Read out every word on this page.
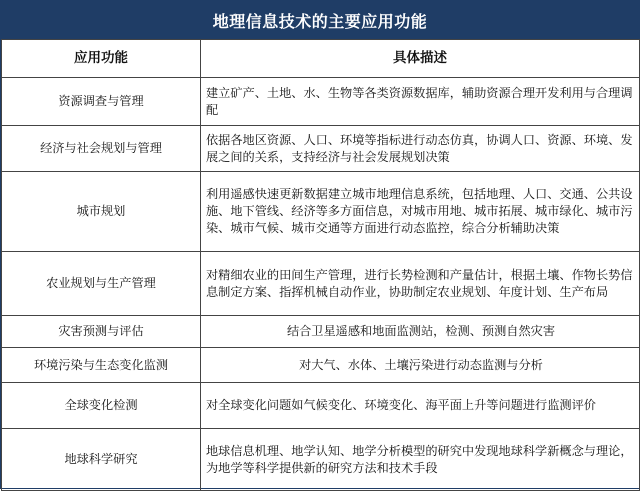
地理信息技术的主要应用功能
应用功能	具体描述
资源调查与管理	建立矿产、土地、水、生物等各类资源数据库，辅助资源合理开发利用与合理调配
经济与社会规划与管理	依据各地区资源、人口、环境等指标进行动态仿真，协调人口、资源、环境、发展之间的关系，支持经济与社会发展规划决策
城市规划	利用遥感快速更新数据建立城市地理信息系统，包括地理、人口、交通、公共设施、地下管线、经济等多方面信息，对城市用地、城市拓展、城市绿化、城市污染、城市气候、城市交通等方面进行动态监控，综合分析辅助决策
农业规划与生产管理	对精细农业的田间生产管理，进行长势检测和产量估计，根据土壤、作物长势信息制定方案、指挥机械自动作业，协助制定农业规划、年度计划、生产布局
灾害预测与评估	结合卫星遥感和地面监测站，检测、预测自然灾害
环境污染与生态变化监测	对大气、水体、土壤污染进行动态监测与分析
全球变化检测	对全球变化问题如气候变化、环境变化、海平面上升等问题进行监测评价
地球科学研究	地球信息机理、地学认知、地学分析模型的研究中发现地球科学新概念与理论，为地学等科学提供新的研究方法和技术手段
